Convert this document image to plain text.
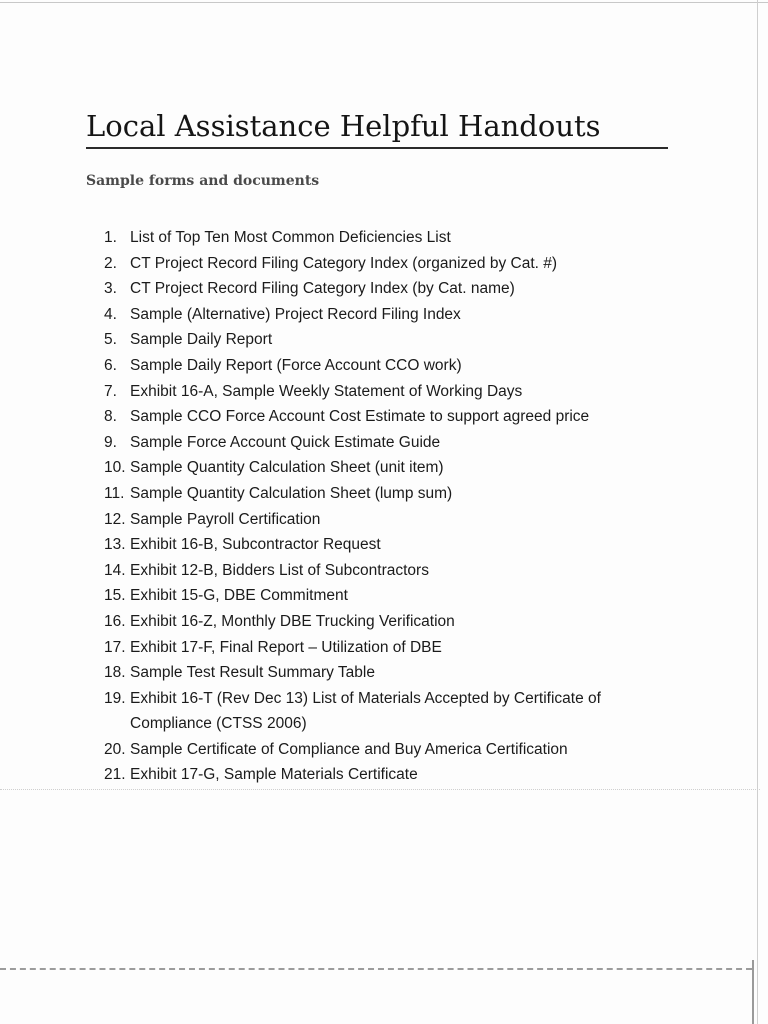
Local Assistance Helpful Handouts
Sample forms and documents
1. List of Top Ten Most Common Deficiencies List
2. CT Project Record Filing Category Index (organized by Cat. #)
3. CT Project Record Filing Category Index (by Cat. name)
4. Sample (Alternative) Project Record Filing Index
5. Sample Daily Report
6. Sample Daily Report (Force Account CCO work)
7. Exhibit 16-A, Sample Weekly Statement of Working Days
8. Sample CCO Force Account Cost Estimate to support agreed price
9. Sample Force Account Quick Estimate Guide
10. Sample Quantity Calculation Sheet (unit item)
11. Sample Quantity Calculation Sheet (lump sum)
12. Sample Payroll Certification
13. Exhibit 16-B, Subcontractor Request
14. Exhibit 12-B, Bidders List of Subcontractors
15. Exhibit 15-G, DBE Commitment
16. Exhibit 16-Z, Monthly DBE Trucking Verification
17. Exhibit 17-F, Final Report – Utilization of DBE
18. Sample Test Result Summary Table
19. Exhibit 16-T (Rev Dec 13) List of Materials Accepted by Certificate of Compliance (CTSS 2006)
20. Sample Certificate of Compliance and Buy America Certification
21. Exhibit 17-G, Sample Materials Certificate
